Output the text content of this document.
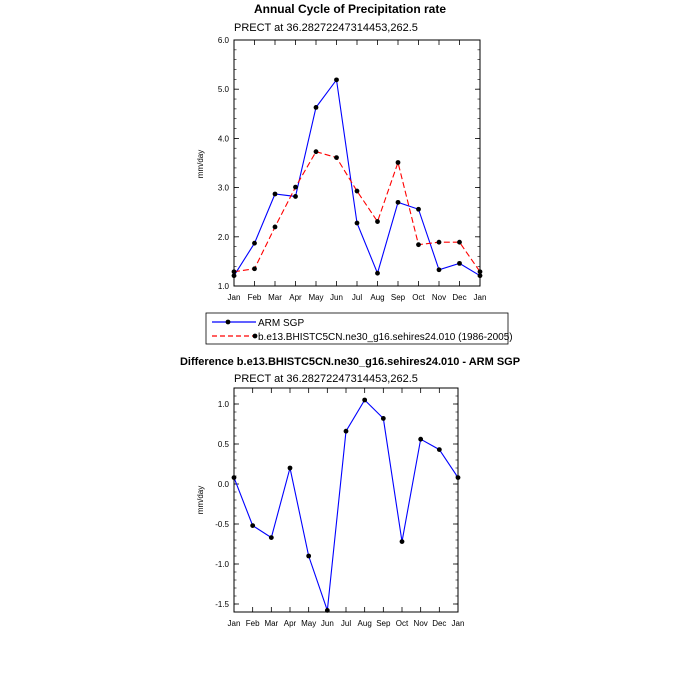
Annual Cycle of Precipitation rate
PRECT at 36.28272247314453,262.5
mm/day
Jan Feb Mar Apr May Jun Jul Aug Sep Oct Nov Dec Jan
1.0
2.0
3.0
4.0
5.0
6.0
ARM SGP
b.e13.BHISTC5CN.ne30_g16.sehires24.010 (1986-2005)
Difference b.e13.BHISTC5CN.ne30_g16.sehires24.010 - ARM SGP
PRECT at 36.28272247314453,262.5
mm/day
Jan Feb Mar Apr May Jun Jul Aug Sep Oct Nov Dec Jan
-1.5
-1.0
-0.5
0.0
0.5
1.0
